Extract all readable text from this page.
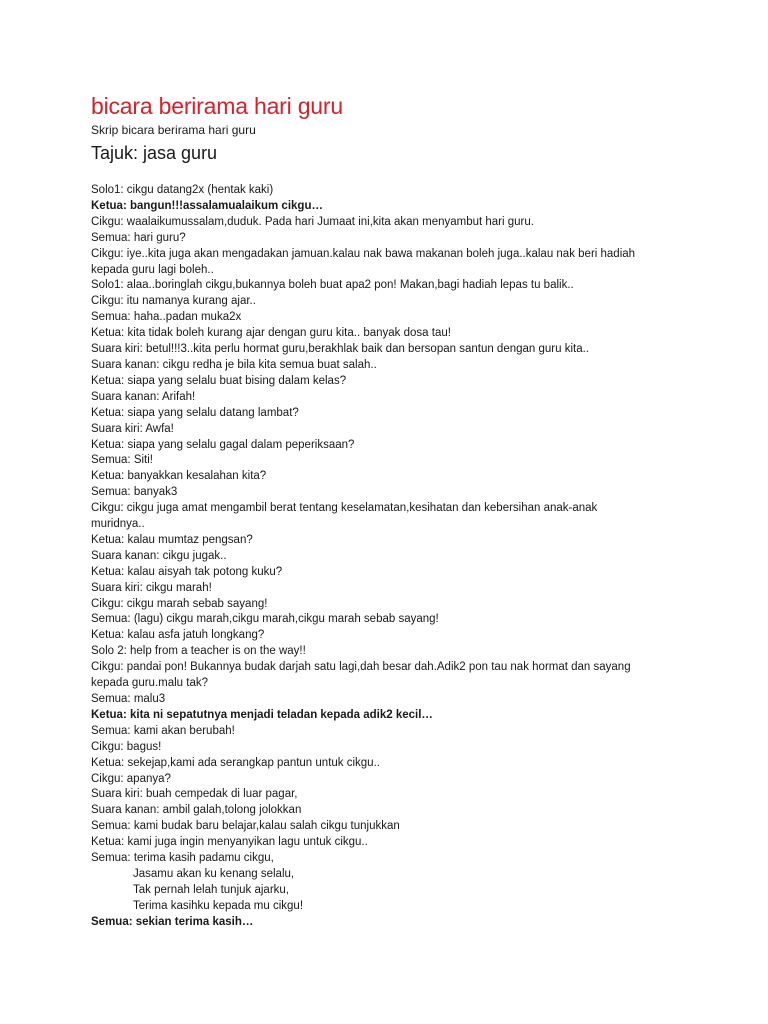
bicara berirama hari guru
Skrip bicara berirama hari guru
Tajuk: jasa guru
Solo1: cikgu datang2x (hentak kaki)
Ketua: bangun!!!assalamualaikum cikgu…
Cikgu: waalaikumussalam,duduk. Pada hari Jumaat ini,kita akan menyambut hari guru.
Semua: hari guru?
Cikgu: iye..kita juga akan mengadakan jamuan.kalau nak bawa makanan boleh juga..kalau nak beri hadiah
kepada guru lagi boleh..
Solo1: alaa..boringlah cikgu,bukannya boleh buat apa2 pon! Makan,bagi hadiah lepas tu balik..
Cikgu: itu namanya kurang ajar..
Semua: haha..padan muka2x
Ketua: kita tidak boleh kurang ajar dengan guru kita.. banyak dosa tau!
Suara kiri: betul!!!3..kita perlu hormat guru,berakhlak baik dan bersopan santun dengan guru kita..
Suara kanan: cikgu redha je bila kita semua buat salah..
Ketua: siapa yang selalu buat bising dalam kelas?
Suara kanan: Arifah!
Ketua: siapa yang selalu datang lambat?
Suara kiri: Awfa!
Ketua: siapa yang selalu gagal dalam peperiksaan?
Semua: Siti!
Ketua: banyakkan kesalahan kita?
Semua: banyak3
Cikgu: cikgu juga amat mengambil berat tentang keselamatan,kesihatan dan kebersihan anak-anak
muridnya..
Ketua: kalau mumtaz pengsan?
Suara kanan: cikgu jugak..
Ketua: kalau aisyah tak potong kuku?
Suara kiri: cikgu marah!
Cikgu: cikgu marah sebab sayang!
Semua: (lagu) cikgu marah,cikgu marah,cikgu marah sebab sayang!
Ketua: kalau asfa jatuh longkang?
Solo 2: help from a teacher is on the way!!
Cikgu: pandai pon! Bukannya budak darjah satu lagi,dah besar dah.Adik2 pon tau nak hormat dan sayang
kepada guru.malu tak?
Semua: malu3
Ketua: kita ni sepatutnya menjadi teladan kepada adik2 kecil…
Semua: kami akan berubah!
Cikgu: bagus!
Ketua: sekejap,kami ada serangkap pantun untuk cikgu..
Cikgu: apanya?
Suara kiri: buah cempedak di luar pagar,
Suara kanan: ambil galah,tolong jolokkan
Semua: kami budak baru belajar,kalau salah cikgu tunjukkan
Ketua: kami juga ingin menyanyikan lagu untuk cikgu..
Semua: terima kasih padamu cikgu,
Jasamu akan ku kenang selalu,
Tak pernah lelah tunjuk ajarku,
Terima kasihku kepada mu cikgu!
Semua: sekian terima kasih…
